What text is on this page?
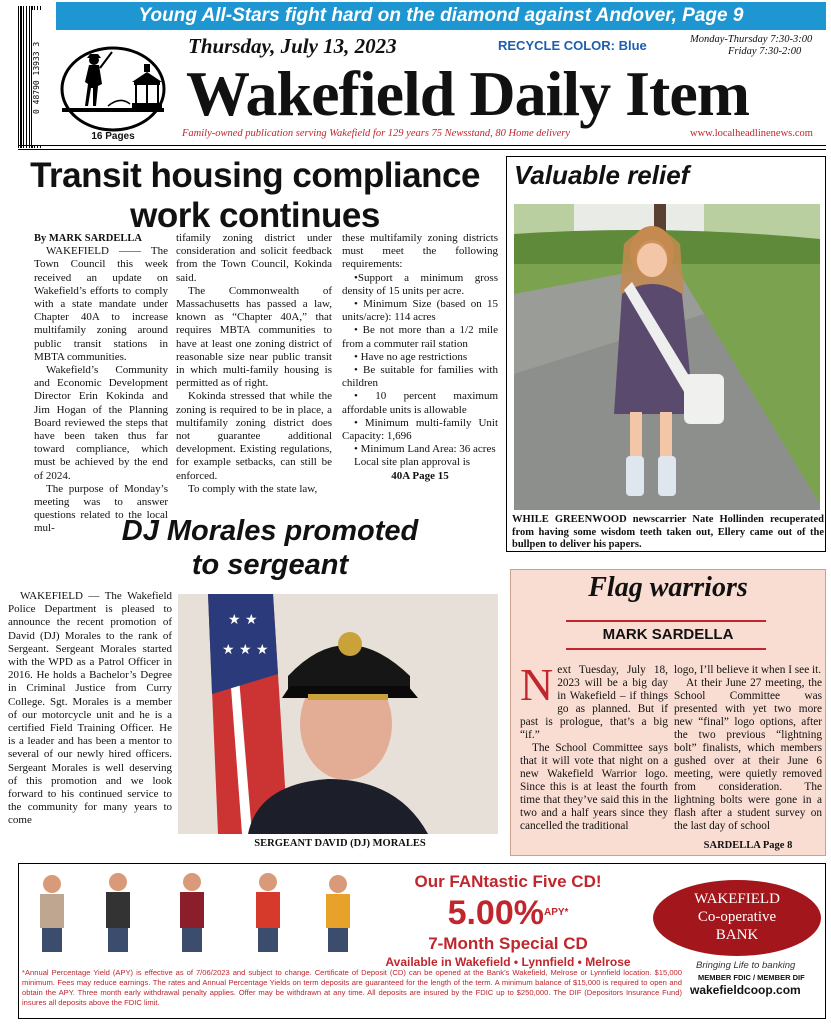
Young All-Stars fight hard on the diamond against Andover, Page 9
0 48790 13933 3
16 Pages
Thursday, July 13, 2023	RECYCLE COLOR: Blue	Monday-Thursday 7:30-3:00
Friday 7:30-2:00
Wakefield Daily Item
Family-owned publication serving Wakefield for 129 years 75 Newsstand, 80 Home delivery	www.localheadlinenews.com
Transit housing compliance
work continues
By MARK SARDELLA

WAKEFIELD —— The Town Council this week received an update on Wakefield’s efforts to comply with a state mandate under Chapter 40A to increase multifamily zoning around public transit stations in MBTA communities.

Wakefield’s Community and Economic Development Director Erin Kokinda and Jim Hogan of the Planning Board reviewed the steps that have been taken thus far toward compliance, which must be achieved by the end of 2024.

The purpose of Monday’s meeting was to answer questions related to the local mul-

tifamily zoning district under consideration and solicit feedback from the Town Council, Kokinda said.

The Commonwealth of Massachusetts has passed a law, known as “Chapter 40A,” that requires MBTA communities to have at least one zoning district of reasonable size near public transit in which multi-family housing is permitted as of right.

Kokinda stressed that while the zoning is required to be in place, a multifamily zoning district does not guarantee additional development. Existing regulations, for example setbacks, can still be enforced.

To comply with the state law,

these multifamily zoning districts must meet the following requirements:

•Support a minimum gross density of 15 units per acre.

• Minimum Size (based on 15 units/acre): 114 acres

• Be not more than a 1/2 mile from a commuter rail station

• Have no age restrictions

• Be suitable for families with children

• 10 percent maximum affordable units is allowable

• Minimum multi-family Unit Capacity: 1,696

• Minimum Land Area: 36 acres

Local site plan approval is

40A Page 15
Valuable relief
WHILE GREENWOOD newscarrier Nate Hollinden recuperated from having some wisdom teeth taken out, Ellery came out of the bullpen to deliver his papers.
DJ Morales promoted
to sergeant

WAKEFIELD — The Wakefield Police Department is pleased to announce the recent promotion of David (DJ) Morales to the rank of Sergeant. Sergeant Morales started with the WPD as a Patrol Officer in 2016. He holds a Bachelor’s Degree in Criminal Justice from Curry College. Sgt. Morales is a member of our motorcycle unit and he is a certified Field Training Officer. He is a leader and has been a mentor to several of our newly hired officers. Sergeant Morales is well deserving of this promotion and we look forward to his continued service to the community for many years to come

★ ★
★ ★ ★
SERGEANT DAVID (DJ) MORALES
Flag warriors
MARK SARDELLA
N ext Tuesday, July 18, 2023 will be a big day in Wakefield – if things go as planned. But if past is prologue, that’s a big “if.”

The School Committee says that it will vote that night on a new Wakefield Warrior logo. Since this is at least the fourth time that they’ve said this in the two and a half years since they cancelled the traditional

logo, I’ll believe it when I see it.

At their June 27 meeting, the School Committee was presented with yet two more new “final” logo options, after the two previous “lightning bolt” finalists, which members gushed over at their June 6 meeting, were quietly removed from consideration. The lightning bolts were gone in a flash after a student survey on the last day of school

SARDELLA Page 8
Our FANtastic Five CD!
5.00%$^{APY*}$
7-Month Special CD
Available in Wakefield • Lynnfield • Melrose
WAKEFIELD
Co-operative
BANK
Bringing Life to banking
MEMBER FDIC / MEMBER DIF
wakefieldcoop.com
*Annual Percentage Yield (APY) is effective as of 7/06/2023 and subject to change. Certificate of Deposit (CD) can be opened at the Bank’s Wakefield, Melrose or Lynnfield location. $15,000 minimum. Fees may reduce earnings. The rates and Annual Percentage Yields on term deposits are guaranteed for the length of the term. A minimum balance of $15,000 is required to open and obtain the APY. Three month early withdrawal penalty applies. Offer may be withdrawn at any time. All deposits are insured by the FDIC up to $250,000. The DIF (Depositors Insurance Fund) insures all deposits above the FDIC limit.
